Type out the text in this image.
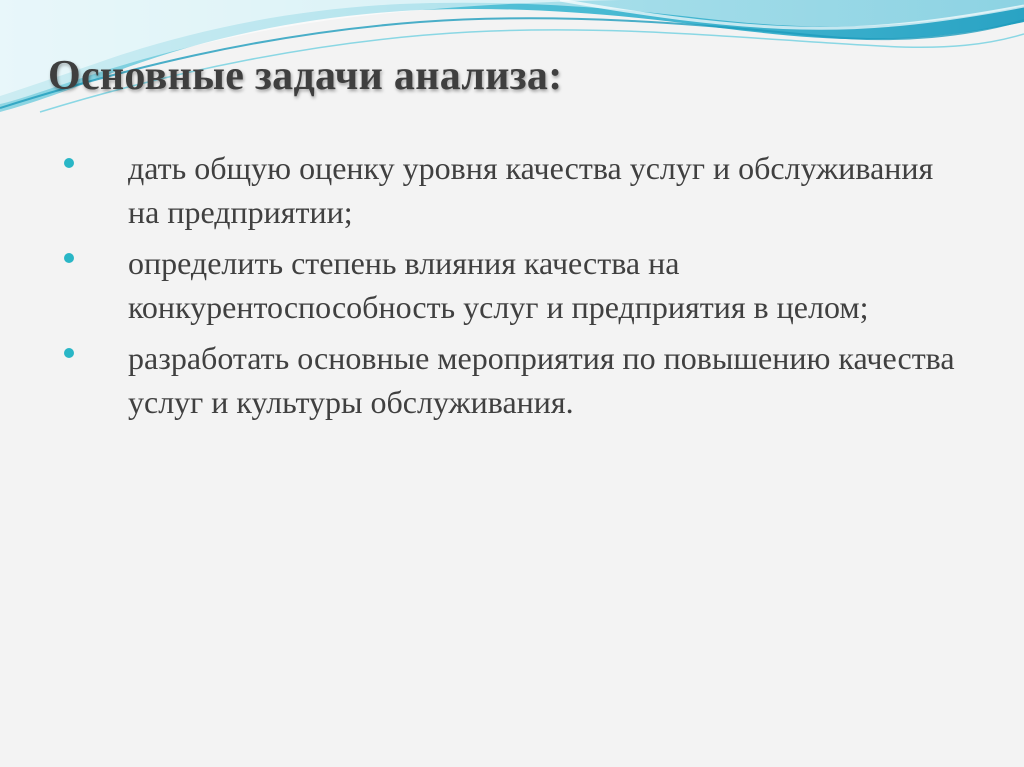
Основные задачи анализа:
дать общую оценку уровня качества услуг и обслуживания на предприятии;
определить степень влияния качества на конкурентоспособность услуг и предприятия в целом;
разработать основные мероприятия по повышению качества услуг и культуры обслуживания.
